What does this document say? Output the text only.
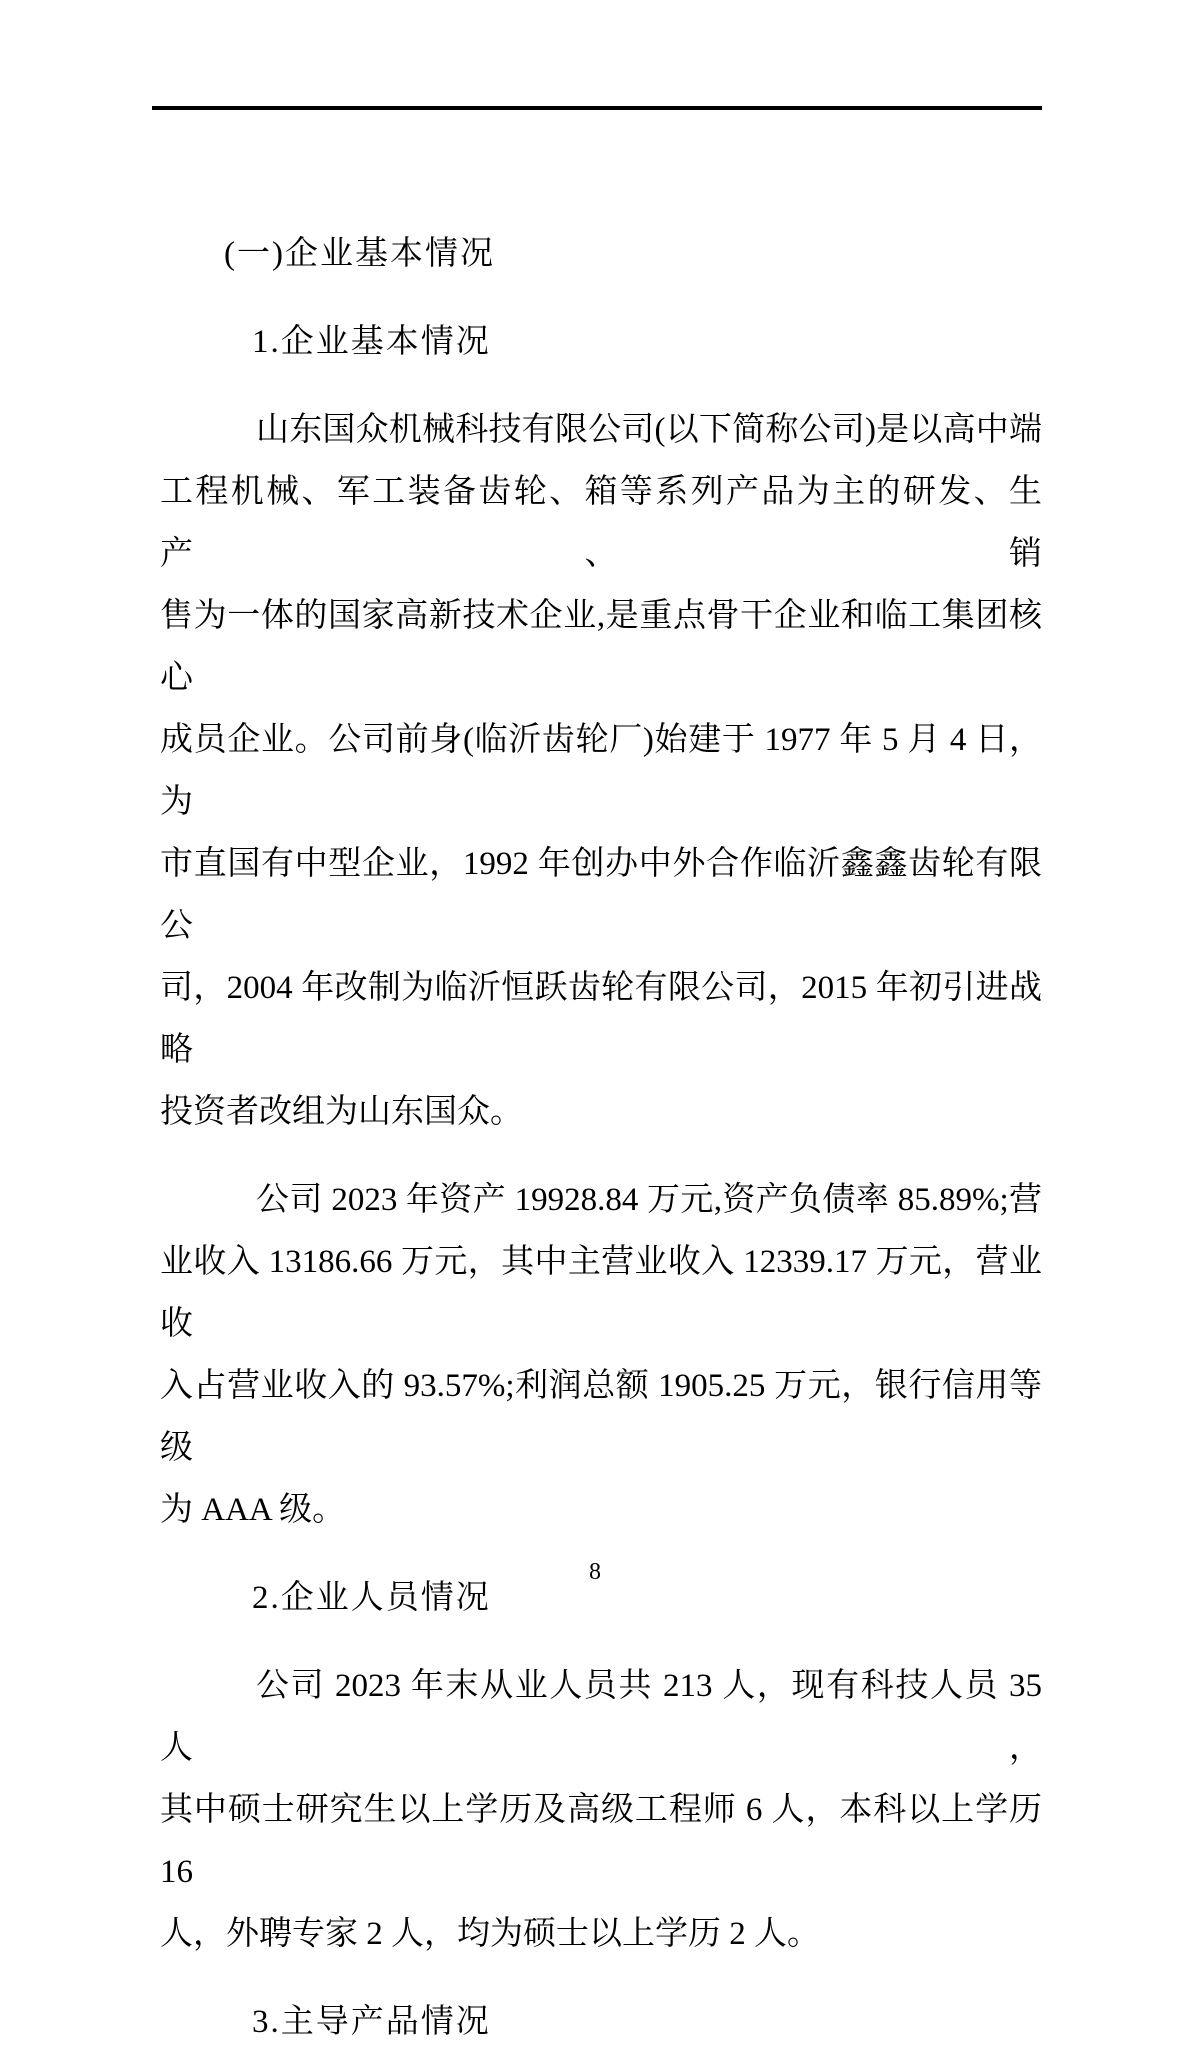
(一)企业基本情况

1.企业基本情况

山东国众机械科技有限公司(以下简称公司)是以高中端

工程机械、军工装备齿轮、箱等系列产品为主的研发、生产、销

售为一体的国家高新技术企业,是重点骨干企业和临工集团核心

成员企业。公司前身(临沂齿轮厂)始建于 1977 年 5 月 4 日，为

市直国有中型企业，1992 年创办中外合作临沂鑫鑫齿轮有限公

司，2004 年改制为临沂恒跃齿轮有限公司，2015 年初引进战略

投资者改组为山东国众。

公司 2023 年资产 19928.84 万元,资产负债率 85.89%;营

业收入 13186.66 万元，其中主营业收入 12339.17 万元，营业收

入占营业收入的 93.57%;利润总额 1905.25 万元，银行信用等级

为 AAA 级。

2.企业人员情况

公司 2023 年末从业人员共 213 人，现有科技人员 35 人，

其中硕士研究生以上学历及高级工程师 6 人，本科以上学历 16

人，外聘专家 2 人，均为硕士以上学历 2 人。

3.主导产品情况

8
